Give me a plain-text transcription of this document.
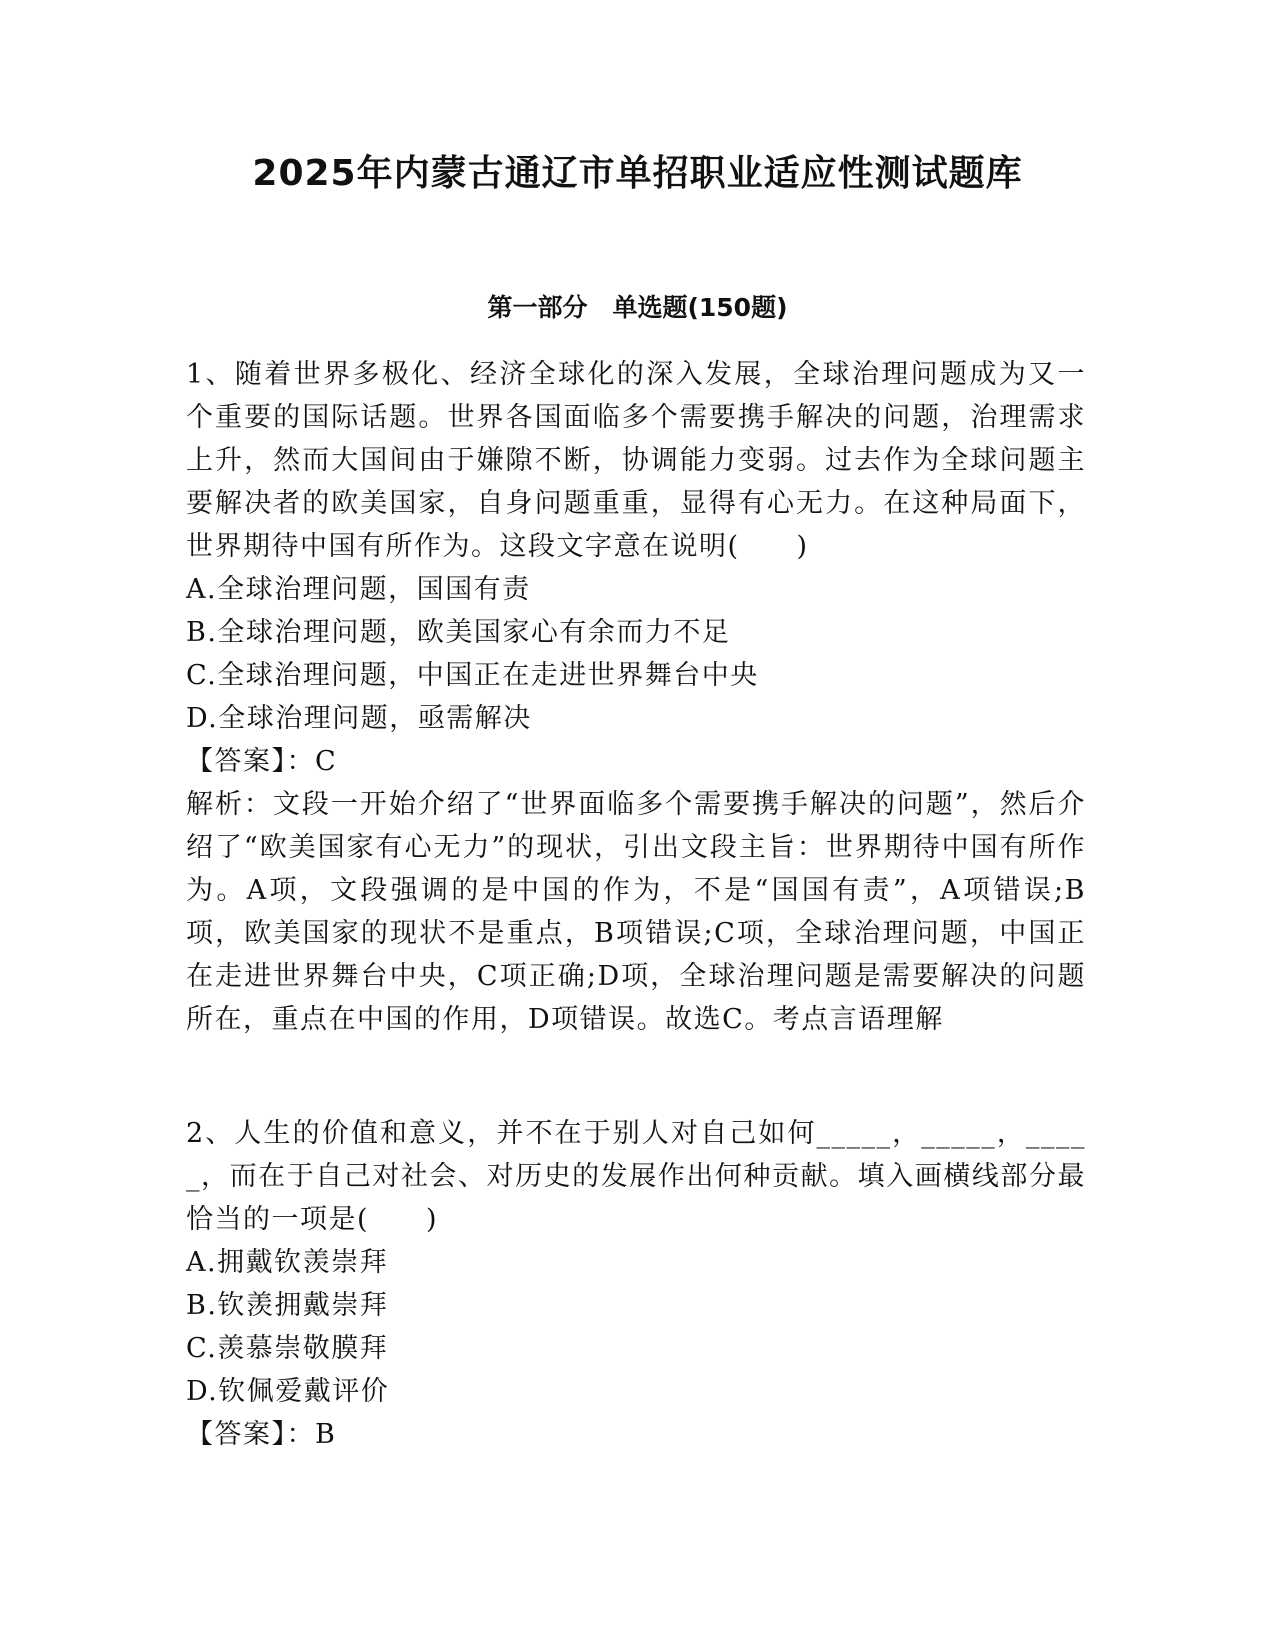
2025年内蒙古通辽市单招职业适应性测试题库
第一部分　单选题(150题)

1、随着世界多极化、经济全球化的深入发展，全球治理问题成为又一个重要的国际话题。世界各国面临多个需要携手解决的问题，治理需求上升，然而大国间由于嫌隙不断，协调能力变弱。过去作为全球问题主要解决者的欧美国家，自身问题重重，显得有心无力。在这种局面下，世界期待中国有所作为。这段文字意在说明(　　)

A.全球治理问题，国国有责

B.全球治理问题，欧美国家心有余而力不足

C.全球治理问题，中国正在走进世界舞台中央

D.全球治理问题，亟需解决

【答案】：C

解析：文段一开始介绍了“世界面临多个需要携手解决的问题”，然后介绍了“欧美国家有心无力”的现状，引出文段主旨：世界期待中国有所作为。A项，文段强调的是中国的作为，不是“国国有责”，A项错误;B项，欧美国家的现状不是重点，B项错误;C项，全球治理问题，中国正在走进世界舞台中央，C项正确;D项，全球治理问题是需要解决的问题所在，重点在中国的作用，D项错误。故选C。考点言语理解

2、人生的价值和意义，并不在于别人对自己如何_____，_____，_____，而在于自己对社会、对历史的发展作出何种贡献。填入画横线部分最恰当的一项是(　　)

A.拥戴钦羡崇拜

B.钦羡拥戴崇拜

C.羡慕崇敬膜拜

D.钦佩爱戴评价

【答案】：B
